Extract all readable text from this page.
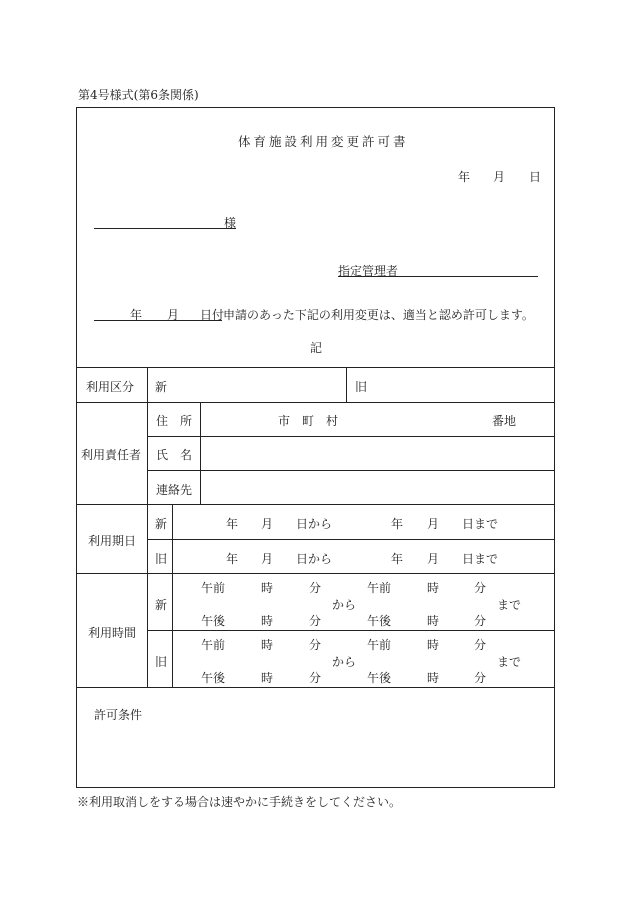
第4号様式(第6条関係)
体育施設利用変更許可書
年 月 日
様
指定管理者
年 月 日付
申請のあった下記の利用変更は、適当と認め許可します。
記
利用区分 新	旧
利用責任者
住　所	市 町 村	番地
氏　名
連絡先
利用期日
新	年 月 日から	年 月 日まで
旧	年 月 日から	年 月 日まで
利用時間
新
午前	時	分	午前	時	分
から	まで
午後	時	分	午後	時	分
旧
午前	時	分	午前	時	分
から	まで
午後	時	分	午後	時	分
許可条件
※利用取消しをする場合は速やかに手続きをしてください。
